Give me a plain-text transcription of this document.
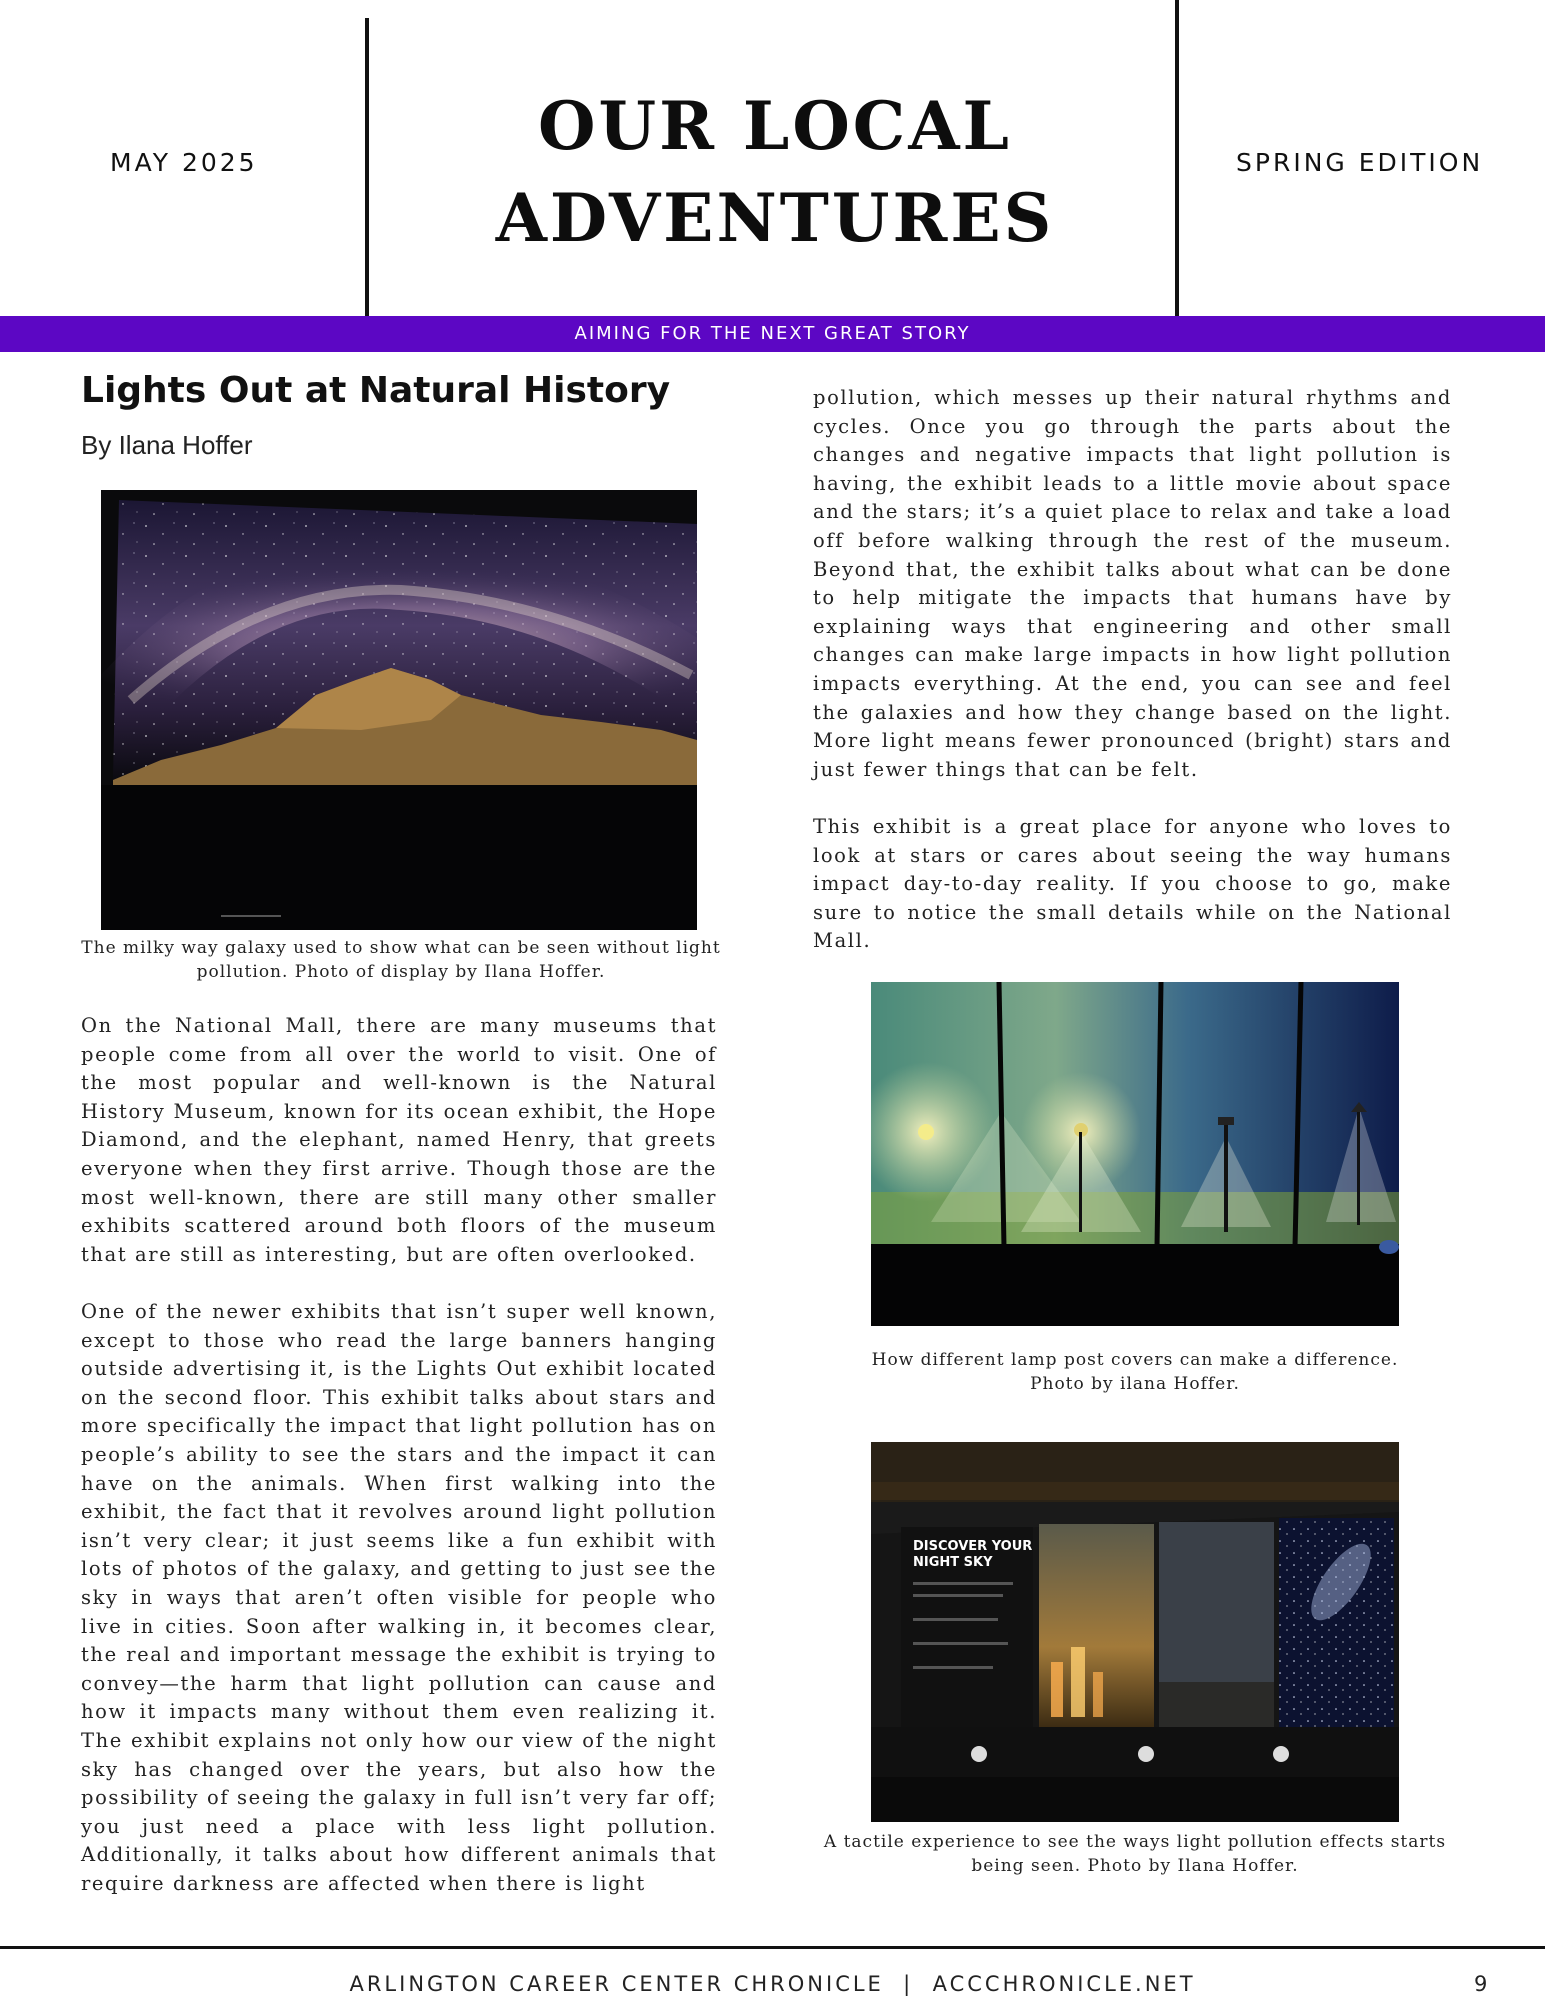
MAY 2025	OUR LOCAL
ADVENTURES
SPRING EDITION
AIMING FOR THE NEXT GREAT STORY
Lights Out at Natural History
By Ilana Hoffer

The milky way galaxy used to show what can be seen without light pollution. Photo of display by Ilana Hoffer.

On the National Mall, there are many museums that people come from all over the world to visit. One of the most popular and well-known is the Natural History Museum, known for its ocean exhibit, the Hope Diamond, and the elephant, named Henry, that greets everyone when they first arrive. Though those are the most well-known, there are still many other smaller exhibits scattered around both floors of the museum that are still as interesting, but are often overlooked.

One of the newer exhibits that isn’t super well known, except to those who read the large banners hanging outside advertising it, is the Lights Out exhibit located on the second floor. This exhibit talks about stars and more specifically the impact that light pollution has on people’s ability to see the stars and the impact it can have on the animals. When first walking into the exhibit, the fact that it revolves around light pollution isn’t very clear; it just seems like a fun exhibit with lots of photos of the galaxy, and getting to just see the sky in ways that aren’t often visible for people who live in cities. Soon after walking in, it becomes clear, the real and important message the exhibit is trying to convey—the harm that light pollution can cause and how it impacts many without them even realizing it. The exhibit explains not only how our view of the night sky has changed over the years, but also how the possibility of seeing the galaxy in full isn’t very far off; you just need a place with less light pollution. Additionally, it talks about how different animals that require darkness are affected when there is light

pollution, which messes up their natural rhythms and cycles. Once you go through the parts about the changes and negative impacts that light pollution is having, the exhibit leads to a little movie about space and the stars; it’s a quiet place to relax and take a load off before walking through the rest of the museum. Beyond that, the exhibit talks about what can be done to help mitigate the impacts that humans have by explaining ways that engineering and other small changes can make large impacts in how light pollution impacts everything. At the end, you can see and feel the galaxies and how they change based on the light. More light means fewer pronounced (bright) stars and just fewer things that can be felt.

This exhibit is a great place for anyone who loves to look at stars or cares about seeing the way humans impact day-to-day reality. If you choose to go, make sure to notice the small details while on the National Mall.

How different lamp post covers can make a difference. Photo by ilana Hoffer.

DISCOVER YOUR
NIGHT SKY

A tactile experience to see the ways light pollution effects starts being seen. Photo by Ilana Hoffer.

ARLINGTON CAREER CENTER CHRONICLE  |  ACCCHRONICLE.NET	9
